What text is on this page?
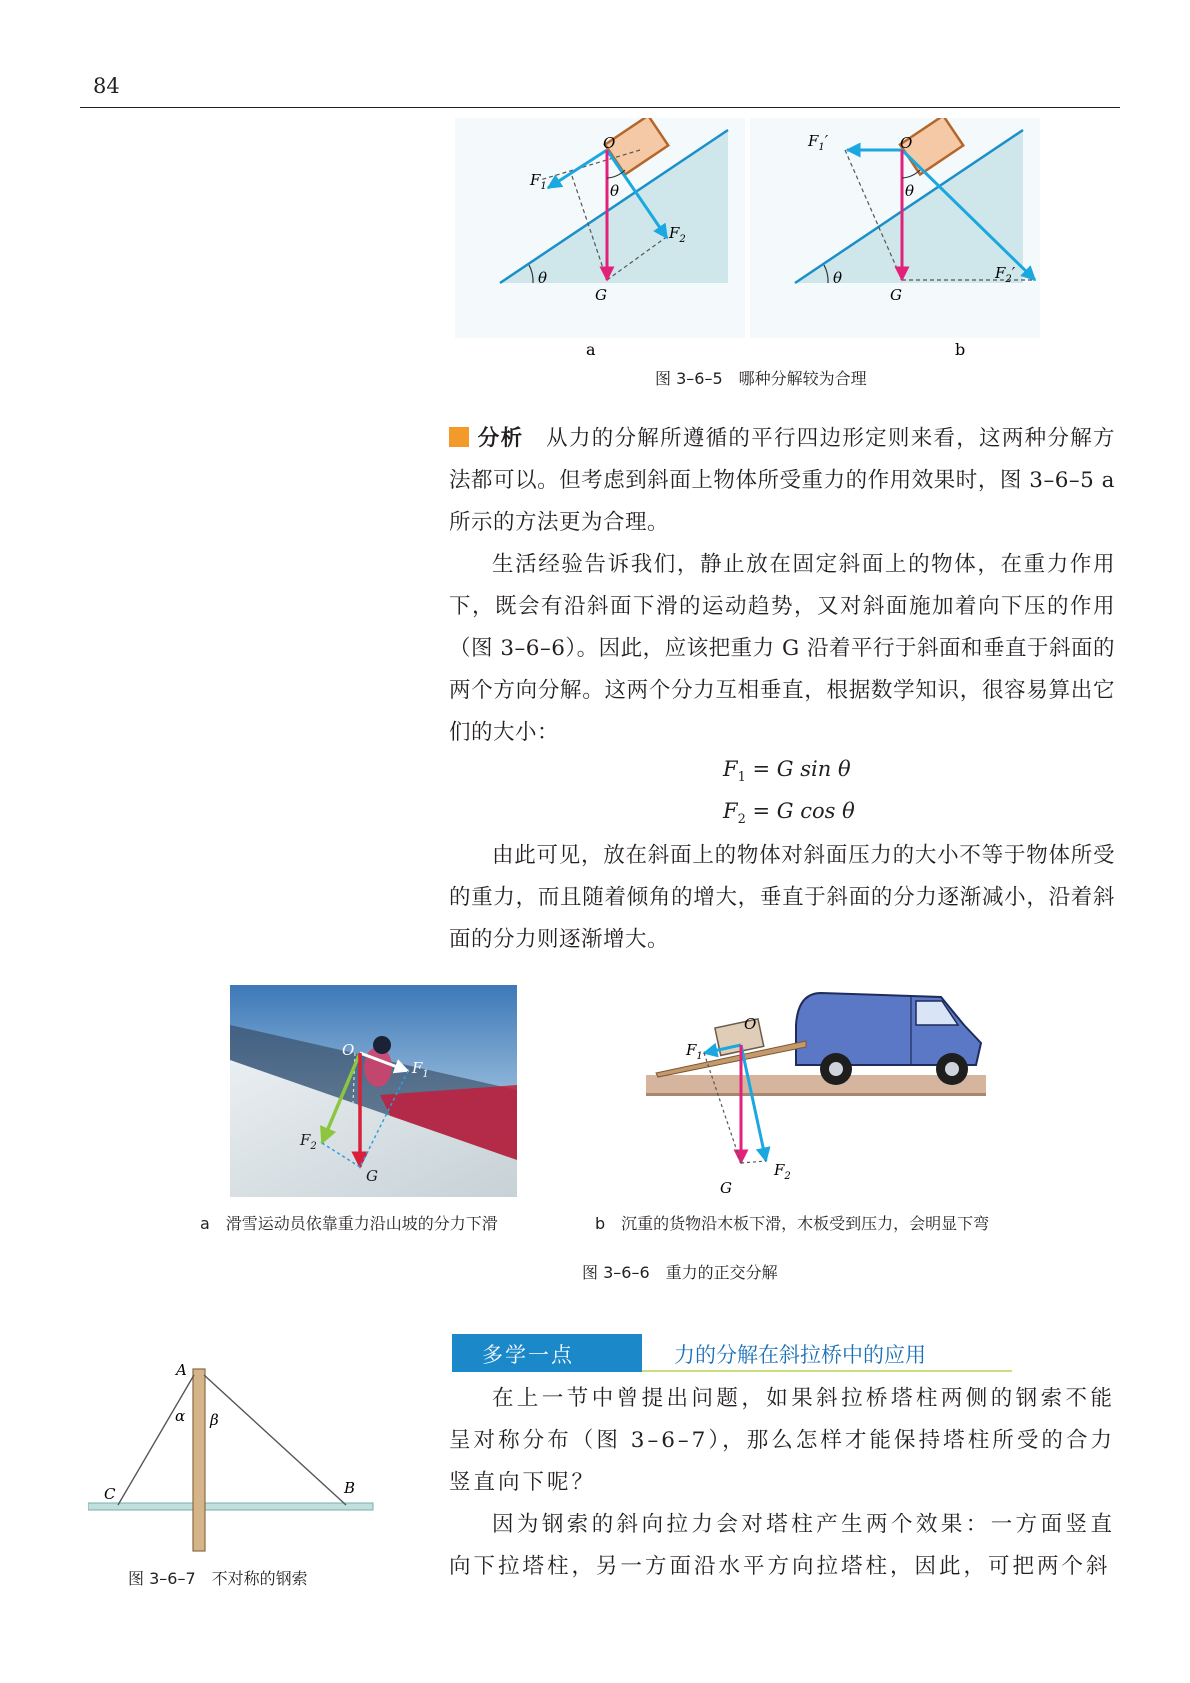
84
O
θ
θ
G
$F_1$
$F_2$
O
θ
θ
G
$F_1'$
$F_2'$
a	b
图 3–6–5　哪种分解较为合理

分析　 从力的分解所遵循的平行四边形定则来看，这两种分解方法都可以。但考虑到斜面上物体所受重力的作用效果时，图 3–6–5 a 所示的方法更为合理。

生活经验告诉我们，静止放在固定斜面上的物体，在重力作用下，既会有沿斜面下滑的运动趋势，又对斜面施加着向下压的作用（图 3–6–6）。因此，应该把重力 G 沿着平行于斜面和垂直于斜面的两个方向分解。这两个分力互相垂直，根据数学知识，很容易算出它们的大小：

$F_1 = G$ sin θ
$F_2 = G$ cos θ

由此可见，放在斜面上的物体对斜面压力的大小不等于物体所受的重力，而且随着倾角的增大，垂直于斜面的分力逐渐减小，沿着斜面的分力则逐渐增大。

O
$F_1$
$F_2$
G
O
$F_1$
$F_2$
G
a　滑雪运动员依靠重力沿山坡的分力下滑	b　沉重的货物沿木板下滑，木板受到压力，会明显下弯
图 3–6–6　重力的正交分解
A
C	B
α β
图 3–6–7　不对称的钢索
多学一点	力的分解在斜拉桥中的应用

在上一节中曾提出问题，如果斜拉桥塔柱两侧的钢索不能呈对称分布（图 3–6–7），那么怎样才能保持塔柱所受的合力竖直向下呢？

因为钢索的斜向拉力会对塔柱产生两个效果：一方面竖直向下拉塔柱，另一方面沿水平方向拉塔柱，因此，可把两个斜
